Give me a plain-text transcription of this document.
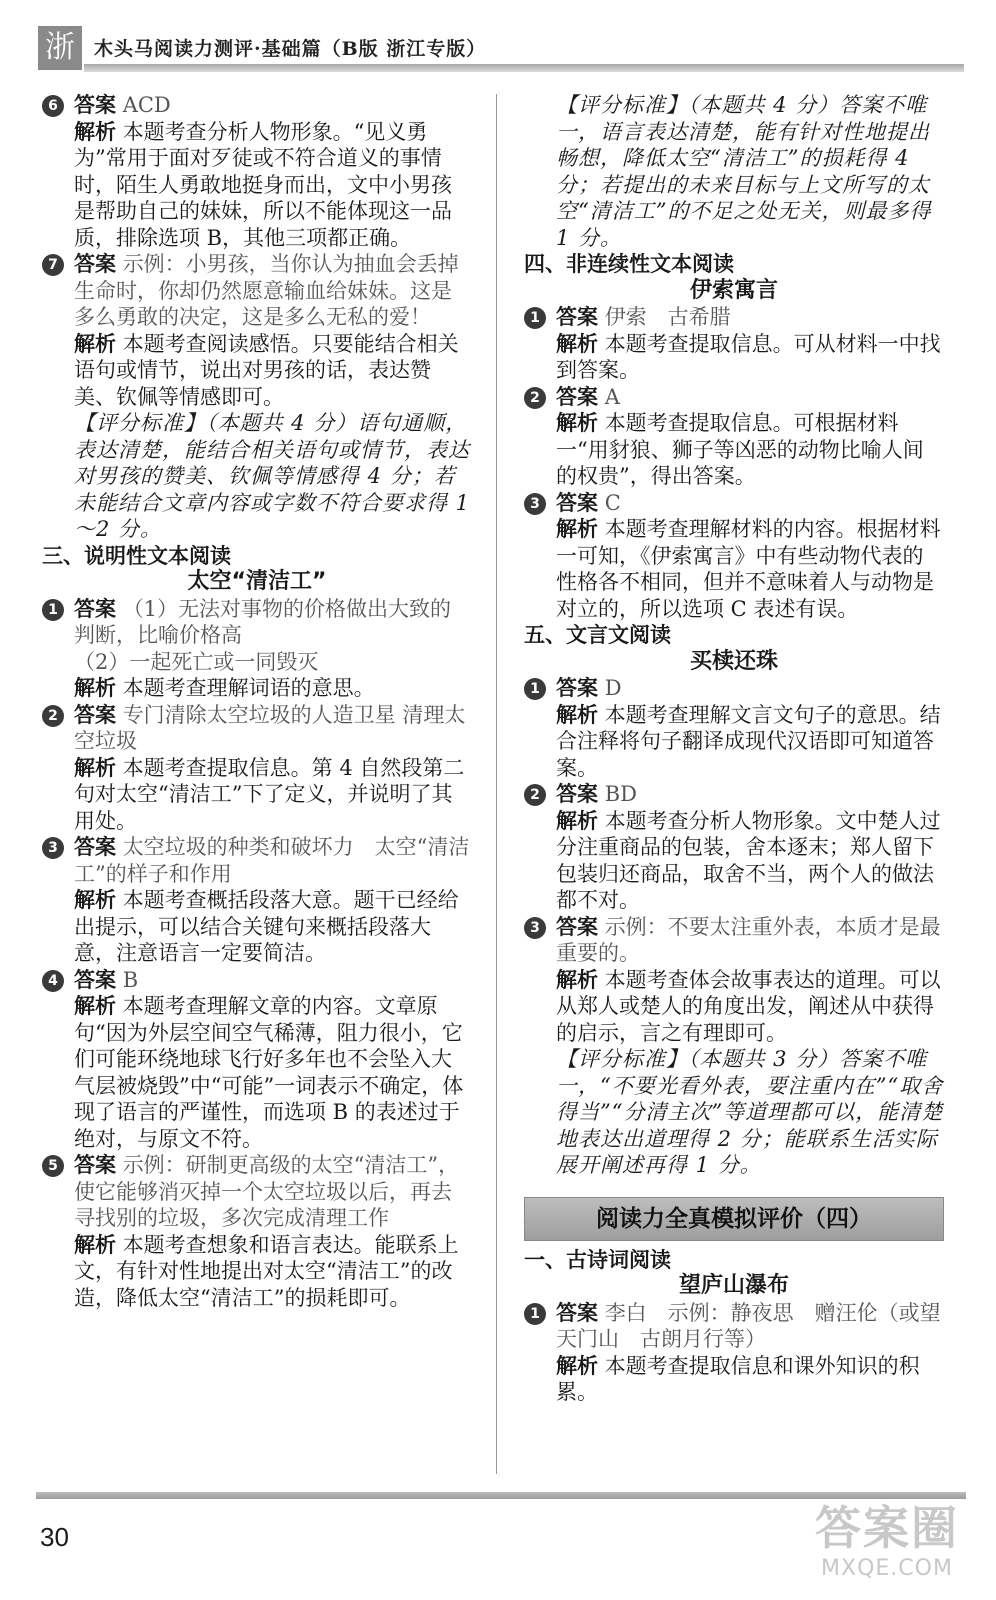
浙	木头马阅读力测评·基础篇（B版 浙江专版）
6 答案 ACD

解析 本题考查分析人物形象。“见义勇为”常用于面对歹徒或不符合道义的事情时，陌生人勇敢地挺身而出，文中小男孩是帮助自己的妹妹，所以不能体现这一品质，排除选项 B，其他三项都正确。

7 答案 示例：小男孩，当你认为抽血会丢掉生命时，你却仍然愿意输血给妹妹。这是多么勇敢的决定，这是多么无私的爱！

解析 本题考查阅读感悟。只要能结合相关语句或情节，说出对男孩的话，表达赞美、钦佩等情感即可。

【评分标准】（本题共 4 分）语句通顺，表达清楚，能结合相关语句或情节，表达对男孩的赞美、钦佩等情感得 4 分；若未能结合文章内容或字数不符合要求得 1～2 分。

三、说明性文本阅读

太空“清洁工”

1 答案 （1）无法对事物的价格做出大致的判断，比喻价格高

（2）一起死亡或一同毁灭

解析 本题考查理解词语的意思。

2 答案 专门清除太空垃圾的人造卫星 清理太空垃圾

解析 本题考查提取信息。第 4 自然段第二句对太空“清洁工”下了定义，并说明了其用处。

3 答案 太空垃圾的种类和破坏力　太空“清洁工”的样子和作用

解析 本题考查概括段落大意。题干已经给出提示，可以结合关键句来概括段落大意，注意语言一定要简洁。

4 答案 B

解析 本题考查理解文章的内容。文章原句“因为外层空间空气稀薄，阻力很小，它们可能环绕地球飞行好多年也不会坠入大气层被烧毁”中“可能”一词表示不确定，体现了语言的严谨性，而选项 B 的表述过于绝对，与原文不符。

5 答案 示例：研制更高级的太空“清洁工”，使它能够消灭掉一个太空垃圾以后，再去寻找别的垃圾，多次完成清理工作

解析 本题考查想象和语言表达。能联系上文，有针对性地提出对太空“清洁工”的改造，降低太空“清洁工”的损耗即可。

【评分标准】（本题共 4 分）答案不唯一，语言表达清楚，能有针对性地提出畅想，降低太空“清洁工”的损耗得 4 分；若提出的未来目标与上文所写的太空“清洁工”的不足之处无关，则最多得 1 分。

四、非连续性文本阅读

伊索寓言

1 答案 伊索　古希腊

解析 本题考查提取信息。可从材料一中找到答案。

2 答案 A

解析 本题考查提取信息。可根据材料一“用豺狼、狮子等凶恶的动物比喻人间的权贵”，得出答案。

3 答案 C

解析 本题考查理解材料的内容。根据材料一可知，《伊索寓言》中有些动物代表的性格各不相同，但并不意味着人与动物是对立的，所以选项 C 表述有误。

五、文言文阅读

买椟还珠

1 答案 D

解析 本题考查理解文言文句子的意思。结合注释将句子翻译成现代汉语即可知道答案。

2 答案 BD

解析 本题考查分析人物形象。文中楚人过分注重商品的包装，舍本逐末；郑人留下包装归还商品，取舍不当，两个人的做法都不对。

3 答案 示例：不要太注重外表，本质才是最重要的。

解析 本题考查体会故事表达的道理。可以从郑人或楚人的角度出发，阐述从中获得的启示，言之有理即可。

【评分标准】（本题共 3 分）答案不唯一，“不要光看外表，要注重内在”“取舍得当”“分清主次”等道理都可以，能清楚地表达出道理得 2 分；能联系生活实际展开阐述再得 1 分。

阅读力全真模拟评价（四）

一、古诗词阅读

望庐山瀑布

1 答案 李白　示例：静夜思　赠汪伦（或望天门山　古朗月行等）

解析 本题考查提取信息和课外知识的积累。

30	答案圈
MXQE.COM
